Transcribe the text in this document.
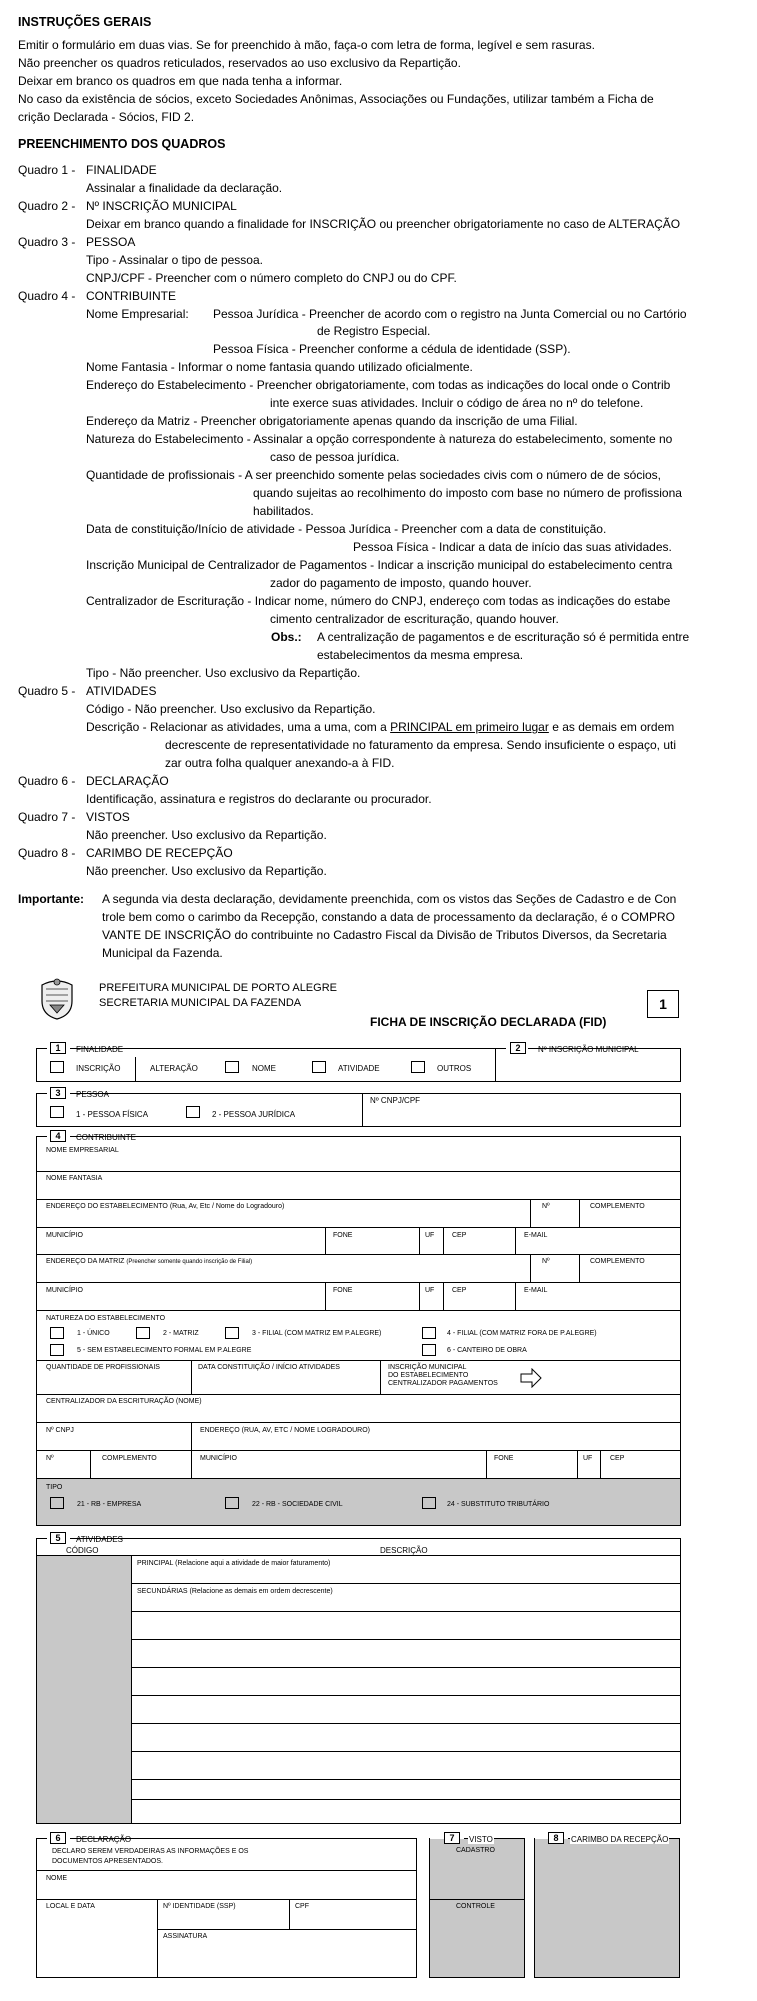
INSTRUÇÕES GERAIS
Emitir o formulário em duas vias. Se for preenchido à mão, faça-o com letra de forma, legível e sem rasuras.
Não preencher os quadros reticulados, reservados ao uso exclusivo da Repartição.
Deixar em branco os quadros em que nada tenha a informar.
No caso da existência de sócios, exceto Sociedades Anônimas, Associações ou Fundações, utilizar também a Ficha de
crição Declarada - Sócios, FID 2.
PREENCHIMENTO DOS QUADROS
Quadro 1 - FINALIDADE
Assinalar a finalidade da declaração.
Quadro 2 - Nº INSCRIÇÃO MUNICIPAL
Deixar em branco quando a finalidade for INSCRIÇÃO ou preencher obrigatoriamente no caso de ALTERAÇÃO
Quadro 3 - PESSOA
Tipo - Assinalar o tipo de pessoa.
CNPJ/CPF - Preencher com o número completo do CNPJ ou do CPF.
Quadro 4 - CONTRIBUINTE
Nome Empresarial: Pessoa Jurídica - Preencher de acordo com o registro na Junta Comercial ou no Cartório
de Registro Especial.
Pessoa Física - Preencher conforme a cédula de identidade (SSP).
Nome Fantasia - Informar o nome fantasia quando utilizado oficialmente.
Endereço do Estabelecimento - Preencher obrigatoriamente, com todas as indicações do local onde o Contrib
inte exerce suas atividades. Incluir o código de área no nº do telefone.
Endereço da Matriz - Preencher obrigatoriamente apenas quando da inscrição de uma Filial.
Natureza do Estabelecimento - Assinalar a opção correspondente à natureza do estabelecimento, somente no
caso de pessoa jurídica.
Quantidade de profissionais - A ser preenchido somente pelas sociedades civis com o número de de sócios,
quando sujeitas ao recolhimento do imposto com base no número de profissiona
habilitados.
Data de constituição/Início de atividade - Pessoa Jurídica - Preencher com a data de constituição.
Pessoa Física - Indicar a data de início das suas atividades.
Inscrição Municipal de Centralizador de Pagamentos - Indicar a inscrição municipal do estabelecimento centra
zador do pagamento de imposto, quando houver.
Centralizador de Escrituração - Indicar nome, número do CNPJ, endereço com todas as indicações do estabe
cimento centralizador de escrituração, quando houver.
Obs.: A centralização de pagamentos e de escrituração só é permitida entre
estabelecimentos da mesma empresa.
Tipo - Não preencher. Uso exclusivo da Repartição.
Quadro 5 - ATIVIDADES
Código - Não preencher. Uso exclusivo da Repartição.
Descrição - Relacionar as atividades, uma a uma, com a PRINCIPAL em primeiro lugar e as demais em ordem
decrescente de representatividade no faturamento da empresa. Sendo insuficiente o espaço, uti
zar outra folha qualquer anexando-a à FID.
Quadro 6 - DECLARAÇÃO
Identificação, assinatura e registros do declarante ou procurador.
Quadro 7 - VISTOS
Não preencher. Uso exclusivo da Repartição.
Quadro 8 - CARIMBO DE RECEPÇÃO
Não preencher. Uso exclusivo da Repartição.
Importante: A segunda via desta declaração, devidamente preenchida, com os vistos das Seções de Cadastro e de Con
trole bem como o carimbo da Recepção, constando a data de processamento da declaração, é o COMPRO
VANTE DE INSCRIÇÃO do contribuinte no Cadastro Fiscal da Divisão de Tributos Diversos, da Secretaria
Municipal da Fazenda.
PREFEITURA MUNICIPAL DE PORTO ALEGRE
SECRETARIA MUNICIPAL DA FAZENDA
FICHA DE INSCRIÇÃO DECLARADA (FID)
1
1	FINALIDADE
INSCRIÇÃO	ALTERAÇÃO	NOME	ATIVIDADE	OUTROS
2	Nº INSCRIÇÃO MUNICIPAL
3	PESSOA
1 - PESSOA FÍSICA	2 - PESSOA JURÍDICA
Nº CNPJ/CPF
4	CONTRIBUINTE
NOME EMPRESARIAL
NOME FANTASIA
ENDEREÇO DO ESTABELECIMENTO (Rua, Av, Etc / Nome do Logradouro)	Nº	COMPLEMENTO
MUNICÍPIO	FONE	UF	CEP	E-MAIL
ENDEREÇO DA MATRIZ (Preencher somente quando inscrição de Filial)	Nº	COMPLEMENTO
MUNICÍPIO	FONE	UF	CEP	E-MAIL
NATUREZA DO ESTABELECIMENTO
1 - ÚNICO	2 - MATRIZ	3 - FILIAL (COM MATRIZ EM P.ALEGRE)	4 - FILIAL (COM MATRIZ FORA DE P.ALEGRE)
5 - SEM ESTABELECIMENTO FORMAL EM P.ALEGRE	6 - CANTEIRO DE OBRA
QUANTIDADE DE PROFISSIONAIS	DATA CONSTITUIÇÃO / INÍCIO ATIVIDADES	INSCRIÇÃO MUNICIPAL
DO ESTABELECIMENTO
CENTRALIZADOR PAGAMENTOS
CENTRALIZADOR DA ESCRITURAÇÃO (NOME)
Nº CNPJ	ENDEREÇO (RUA, AV, ETC / NOME LOGRADOURO)
Nº	COMPLEMENTO	MUNICÍPIO	FONE	UF	CEP
TIPO
21 - RB - EMPRESA	22 - RB - SOCIEDADE CIVIL	24 - SUBSTITUTO TRIBUTÁRIO
5	ATIVIDADES
CÓDIGO	DESCRIÇÃO
PRINCIPAL (Relacione aqui a atividade de maior faturamento)
SECUNDÁRIAS (Relacione as demais em ordem decrescente)
6	DECLARAÇÃO
DECLARO SEREM VERDADEIRAS AS INFORMAÇÕES E OS
DOCUMENTOS APRESENTADOS.
NOME
LOCAL E DATA	Nº IDENTIDADE (SSP)	CPF
ASSINATURA
7	VISTO
CADASTRO
CONTROLE
8	CARIMBO DA RECEPÇÃO
